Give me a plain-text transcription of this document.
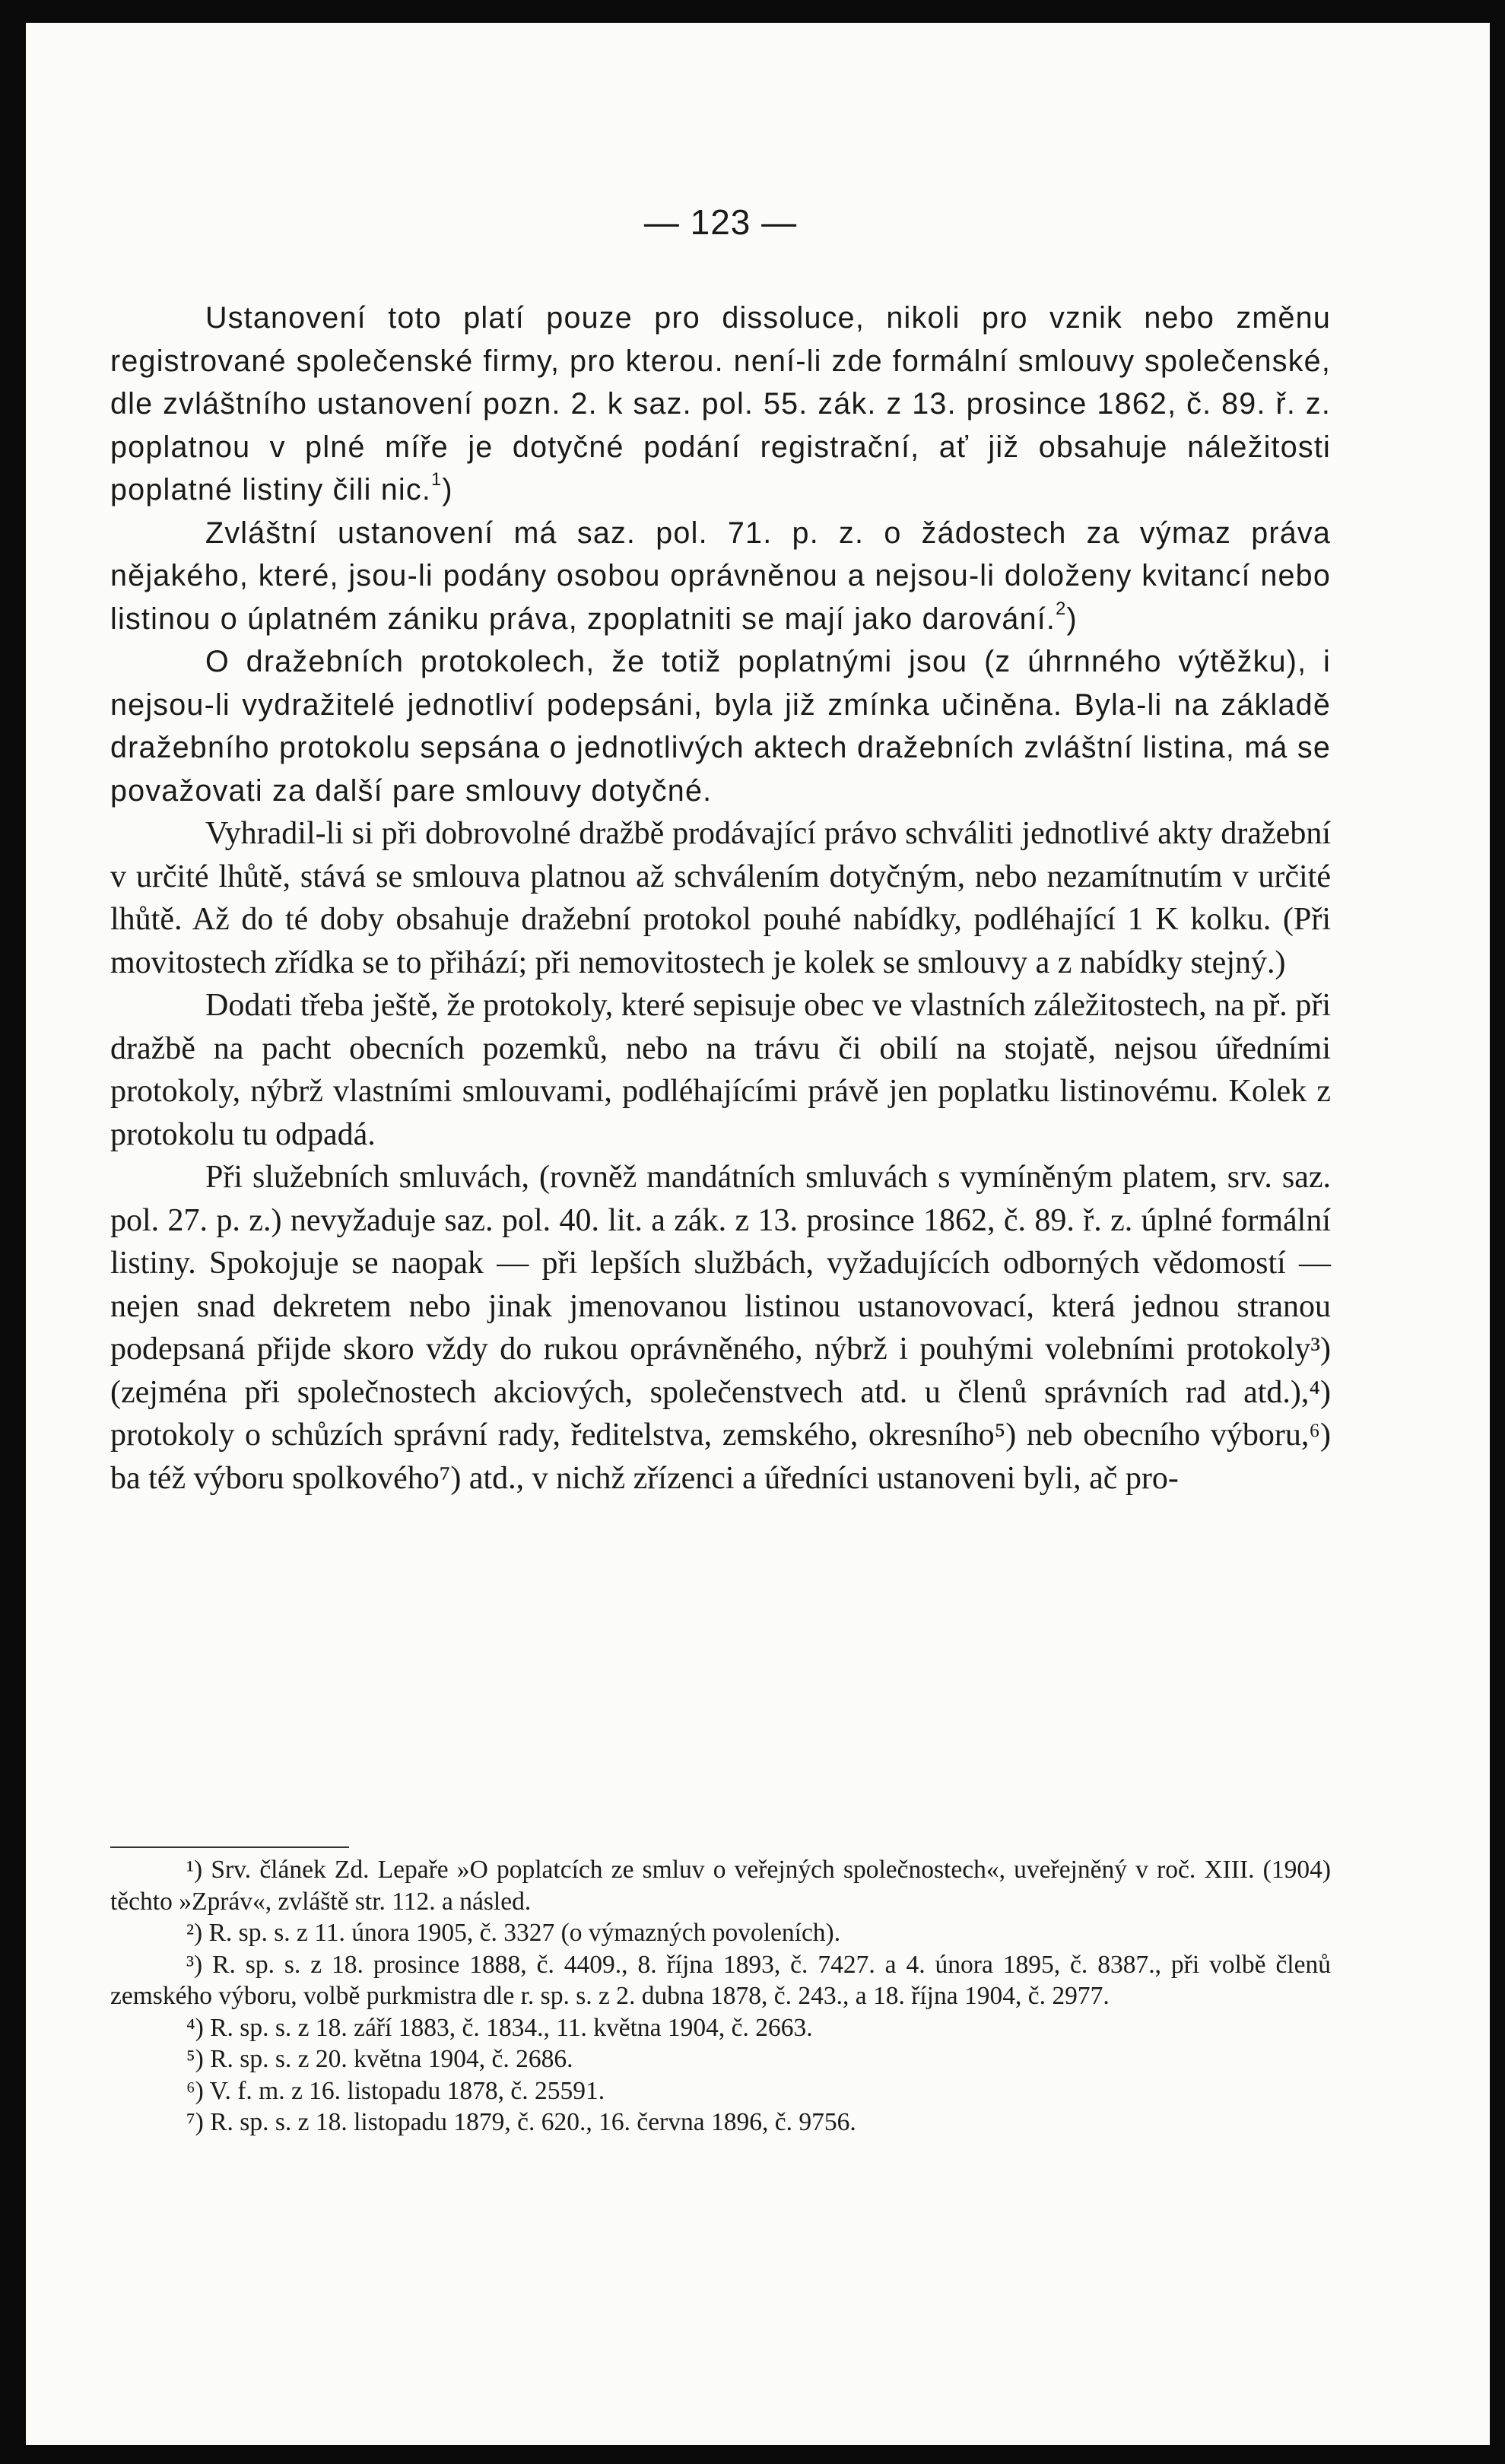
— 123 —

Ustanovení toto platí pouze pro dissoluce, nikoli pro vznik nebo změnu registrované společenské firmy, pro kterou. není-li zde formální smlouvy společenské, dle zvláštního ustanovení pozn. 2. k saz. pol. 55. zák. z 13. prosince 1862, č. 89. ř. z. poplatnou v plné míře je dotyčné podání registrační, ať již obsahuje náležitosti poplatné listiny čili nic.$^1$)

Zvláštní ustanovení má saz. pol. 71. p. z. o žádostech za výmaz práva nějakého, které, jsou-li podány osobou oprávněnou a nejsou-li doloženy kvitancí nebo listinou o úplatném zániku práva, zpoplatniti se mají jako darování.$^2$)

O dražebních protokolech, že totiž poplatnými jsou (z úhrnného výtěžku), i nejsou-li vydražitelé jednotliví podepsáni, byla již zmínka učiněna. Byla-li na základě dražebního protokolu sepsána o jednotlivých aktech dražebních zvláštní listina, má se považovati za další pare smlouvy dotyčné.

Vyhradil-li si při dobrovolné dražbě prodávající právo schváliti jednotlivé akty dražební v určité lhůtě, stává se smlouva platnou až schválením dotyčným, nebo nezamítnutím v určité lhůtě. Až do té doby obsahuje dražební protokol pouhé nabídky, podléhající 1 K kolku. (Při movitostech zřídka se to přihází; při nemovitostech je kolek se smlouvy a z nabídky stejný.)

Dodati třeba ještě, že protokoly, které sepisuje obec ve vlastních záležitostech, na př. při dražbě na pacht obecních pozemků, nebo na trávu či obilí na stojatě, nejsou úředními protokoly, nýbrž vlastními smlouvami, podléhajícími právě jen poplatku listinovému. Kolek z protokolu tu odpadá.

Při služebních smluvách, (rovněž mandátních smluvách s vymíněným platem, srv. saz. pol. 27. p. z.) nevyžaduje saz. pol. 40. lit. a zák. z 13. prosince 1862, č. 89. ř. z. úplné formální listiny. Spokojuje se naopak — při lepších službách, vyžadujících odborných vědomostí — nejen snad dekretem nebo jinak jmenovanou listinou ustanovovací, která jednou stranou podepsaná přijde skoro vždy do rukou oprávněného, nýbrž i pouhými volebními protokoly³) (zejména při společnostech akciových, společenstvech atd. u členů správních rad atd.),⁴) protokoly o schůzích správní rady, ředitelstva, zemského, okresního⁵) neb obecního výboru,⁶) ba též výboru spolkového⁷) atd., v nichž zřízenci a úředníci ustanoveni byli, ač pro-

¹) Srv. článek Zd. Lepaře »O poplatcích ze smluv o veřejných společnostech«, uveřejněný v roč. XIII. (1904) těchto »Zpráv«, zvláště str. 112. a násled.

²) R. sp. s. z 11. února 1905, č. 3327 (o výmazných povoleních).

³) R. sp. s. z 18. prosince 1888, č. 4409., 8. října 1893, č. 7427. a 4. února 1895, č. 8387., při volbě členů zemského výboru, volbě purkmistra dle r. sp. s. z 2. dubna 1878, č. 243., a 18. října 1904, č. 2977.

⁴) R. sp. s. z 18. září 1883, č. 1834., 11. května 1904, č. 2663.

⁵) R. sp. s. z 20. května 1904, č. 2686.

⁶) V. f. m. z 16. listopadu 1878, č. 25591.

⁷) R. sp. s. z 18. listopadu 1879, č. 620., 16. června 1896, č. 9756.
